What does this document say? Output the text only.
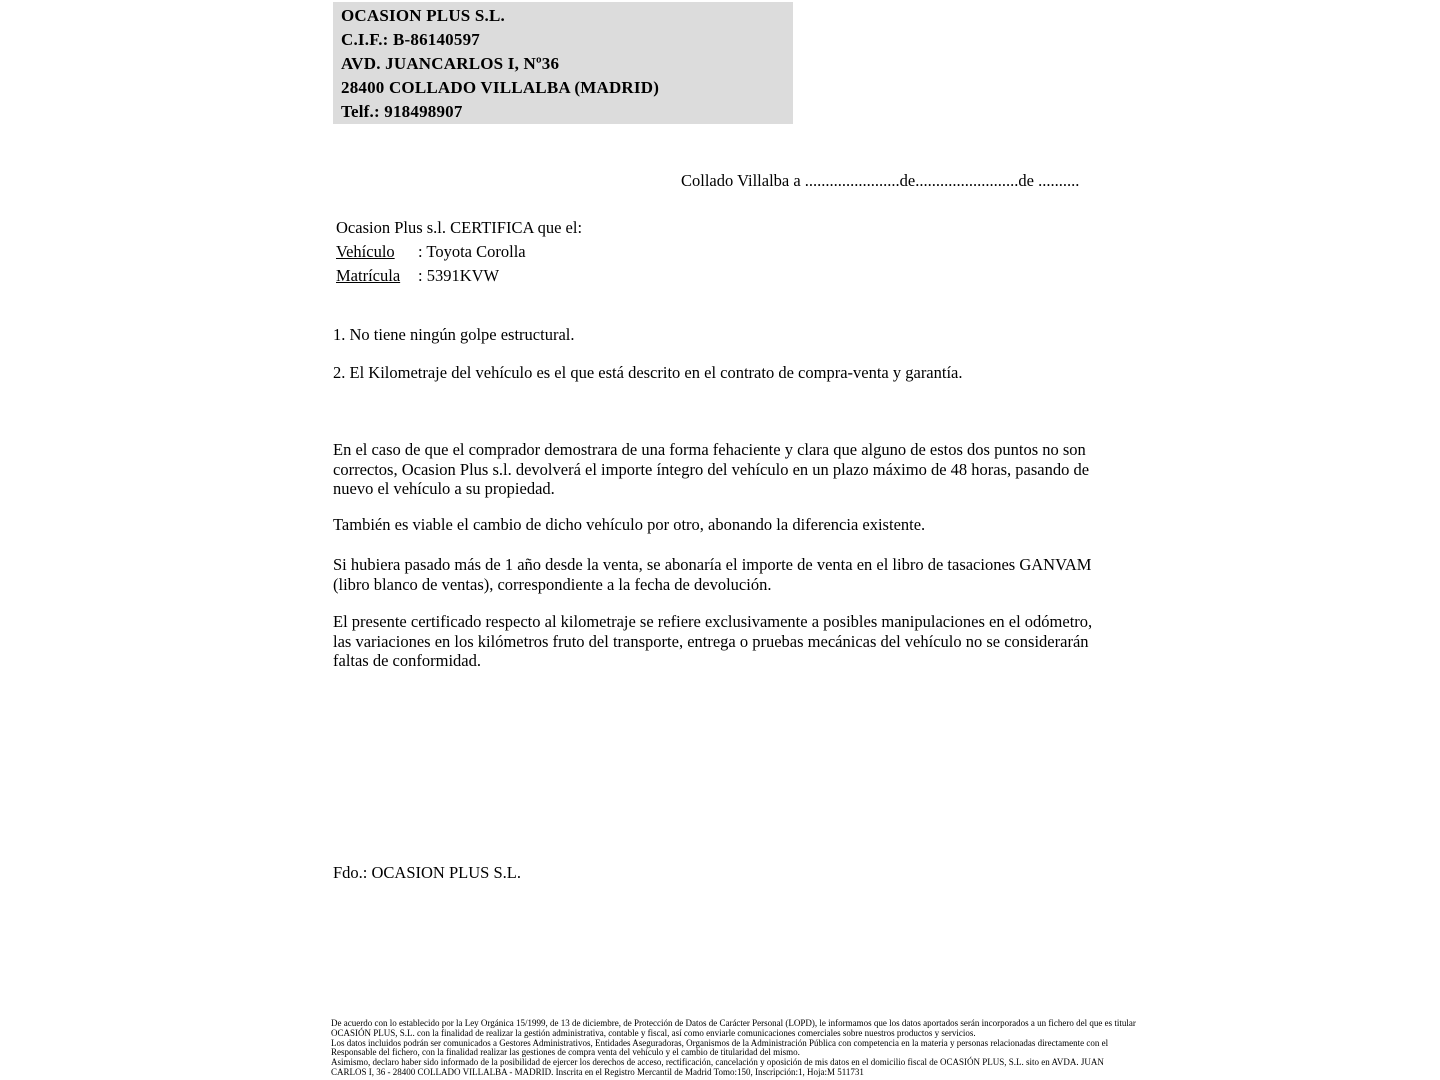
OCASION PLUS S.L.
C.I.F.: B-86140597
AVD. JUANCARLOS I, Nº36
28400 COLLADO VILLALBA (MADRID)
Telf.: 918498907
Collado Villalba a .......................de.........................de ..........
Ocasion Plus s.l. CERTIFICA que el:
Vehículo : Toyota Corolla
Matrícula : 5391KVW
1. No tiene ningún golpe estructural.
2. El Kilometraje del vehículo es el que está descrito en el contrato de compra-venta y garantía.
En el caso de que el comprador demostrara de una forma fehaciente y clara que alguno de estos dos puntos no son correctos, Ocasion Plus s.l. devolverá el importe íntegro del vehículo en un plazo máximo de 48 horas, pasando de nuevo el vehículo a su propiedad.
También es viable el cambio de dicho vehículo por otro, abonando la diferencia existente.
Si hubiera pasado más de 1 año desde la venta, se abonaría el importe de venta en el libro de tasaciones GANVAM (libro blanco de ventas), correspondiente a la fecha de devolución.
El presente certificado respecto al kilometraje se refiere exclusivamente a posibles manipulaciones en el odómetro, las variaciones en los kilómetros fruto del transporte, entrega o pruebas mecánicas del vehículo no se considerarán faltas de conformidad.
Fdo.: OCASION PLUS S.L.
De acuerdo con lo establecido por la Ley Orgánica 15/1999, de 13 de diciembre, de Protección de Datos de Carácter Personal (LOPD), le informamos que los datos aportados serán incorporados a un fichero del que es titular
OCASIÓN PLUS, S.L. con la finalidad de realizar la gestión administrativa, contable y fiscal, así como enviarle comunicaciones comerciales sobre nuestros productos y servicios.
Los datos incluidos podrán ser comunicados a Gestores Administrativos, Entidades Aseguradoras, Organismos de la Administración Pública con competencia en la materia y personas relacionadas directamente con el
Responsable del fichero, con la finalidad realizar las gestiones de compra venta del vehículo y el cambio de titularidad del mismo.
Asimismo, declaro haber sido informado de la posibilidad de ejercer los derechos de acceso, rectificación, cancelación y oposición de mis datos en el domicilio fiscal de OCASIÓN PLUS, S.L. sito en AVDA. JUAN
CARLOS I, 36 - 28400 COLLADO VILLALBA - MADRID. Inscrita en el Registro Mercantil de Madrid Tomo:150, Inscripción:1, Hoja:M 511731
